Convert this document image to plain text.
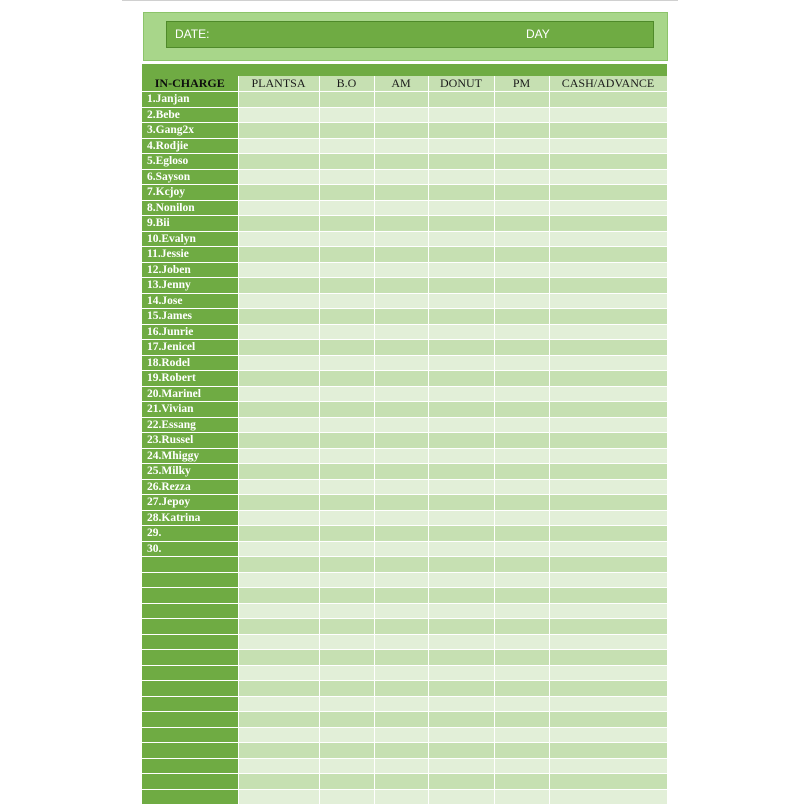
DATE:	DAY
IN-CHARGE	PLANTSA	B.O	AM	DONUT	PM	CASH/ADVANCE
1.Janjan						
2.Bebe						
3.Gang2x						
4.Rodjie						
5.Egloso						
6.Sayson						
7.Kcjoy						
8.Nonilon						
9.Bii						
10.Evalyn						
11.Jessie						
12.Joben						
13.Jenny						
14.Jose						
15.James						
16.Junrie						
17.Jenicel						
18.Rodel						
19.Robert						
20.Marinel						
21.Vivian						
22.Essang						
23.Russel						
24.Mhiggy						
25.Milky						
26.Rezza						
27.Jepoy						
28.Katrina						
29.						
30.						
